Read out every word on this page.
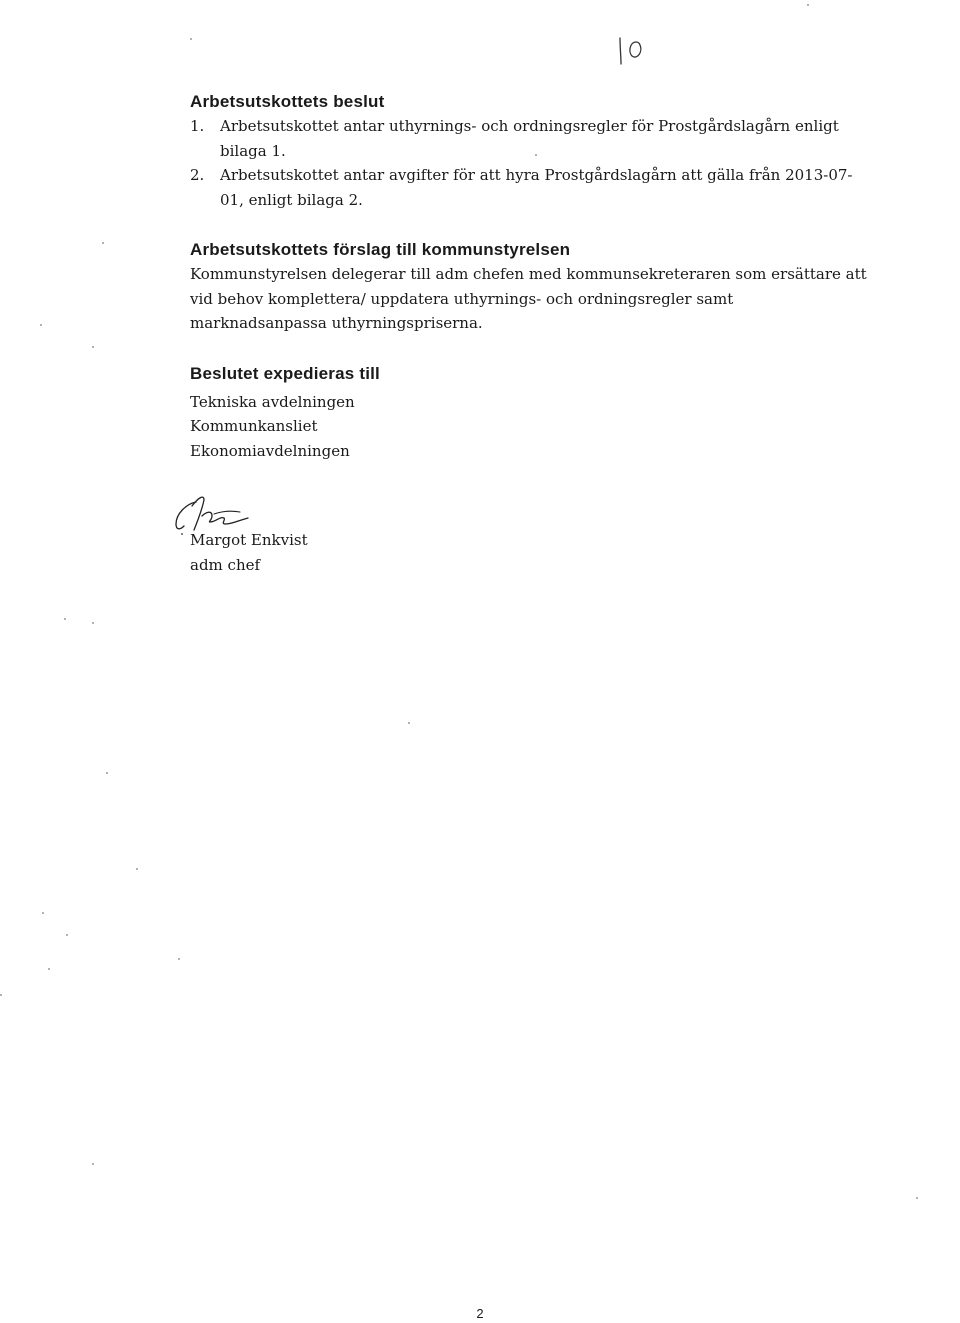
Arbetsutskottets beslut
1.	Arbetsutskottet antar uthyrnings- och ordningsregler för Prostgårdslagårn enligt bilaga 1.
2.	Arbetsutskottet antar avgifter för att hyra Prostgårdslagårn att gälla från 2013-07-01, enligt bilaga 2.
Arbetsutskottets förslag till kommunstyrelsen

Kommunstyrelsen delegerar till adm chefen med kommunsekreteraren som ersättare att vid behov komplettera/ uppdatera uthyrnings- och ordningsregler samt marknadsanpassa uthyrningspriserna.

Beslutet expedieras till
Tekniska avdelningen
Kommunkansliet
Ekonomiavdelningen
Margot Enkvist
adm chef
2
